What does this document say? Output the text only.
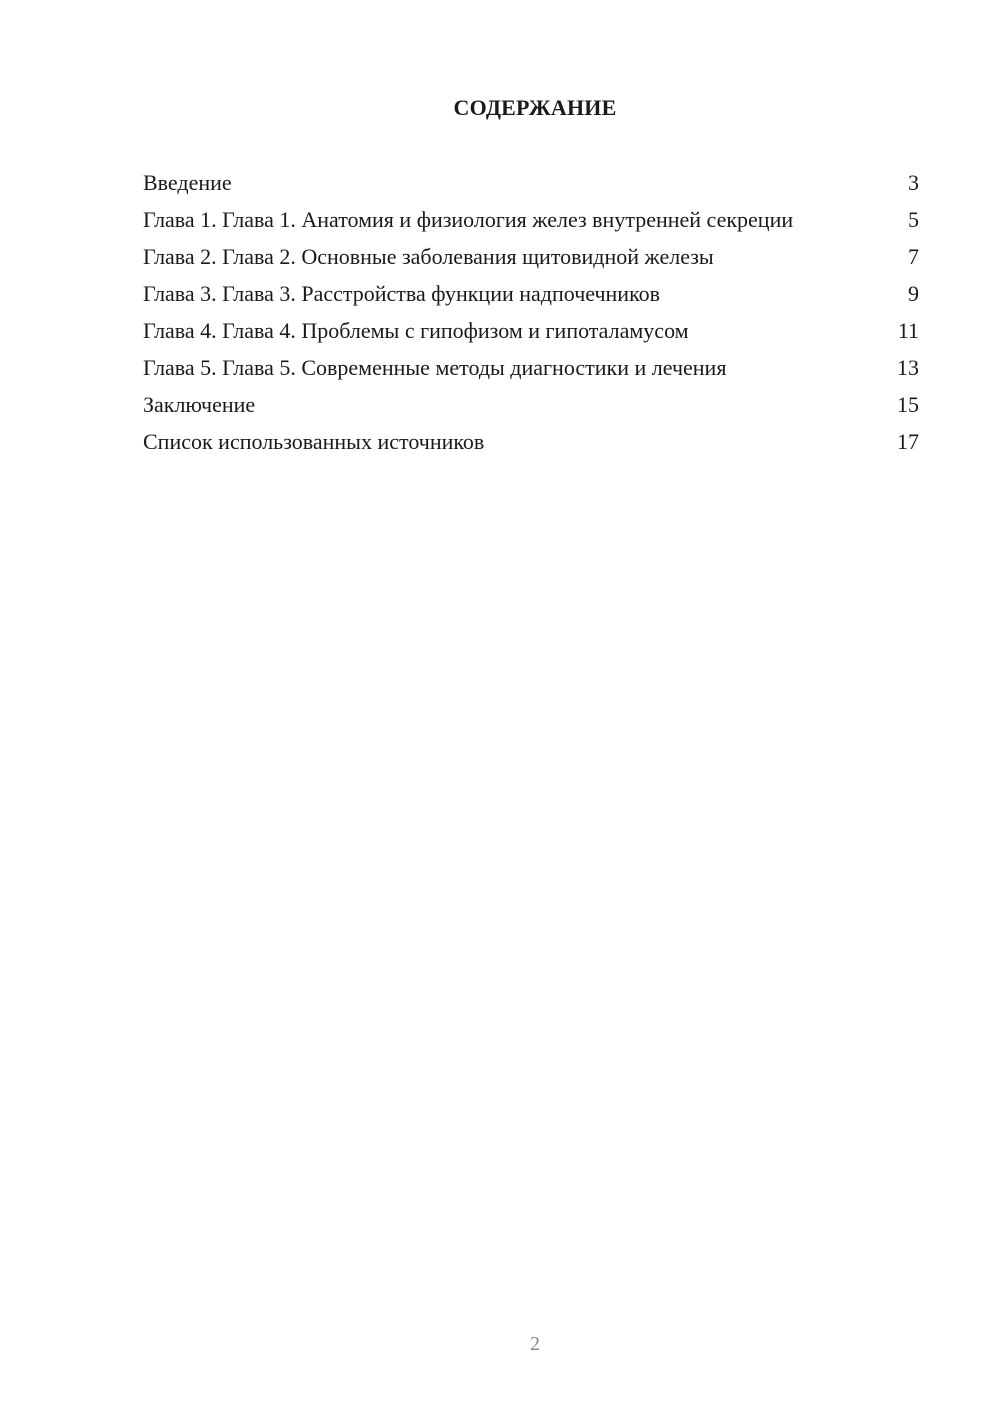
СОДЕРЖАНИЕ
Введение	3
Глава 1. Глава 1. Анатомия и физиология желез внутренней секреции	5
Глава 2. Глава 2. Основные заболевания щитовидной железы	7
Глава 3. Глава 3. Расстройства функции надпочечников	9
Глава 4. Глава 4. Проблемы с гипофизом и гипоталамусом	11
Глава 5. Глава 5. Современные методы диагностики и лечения	13
Заключение	15
Список использованных источников	17
2
